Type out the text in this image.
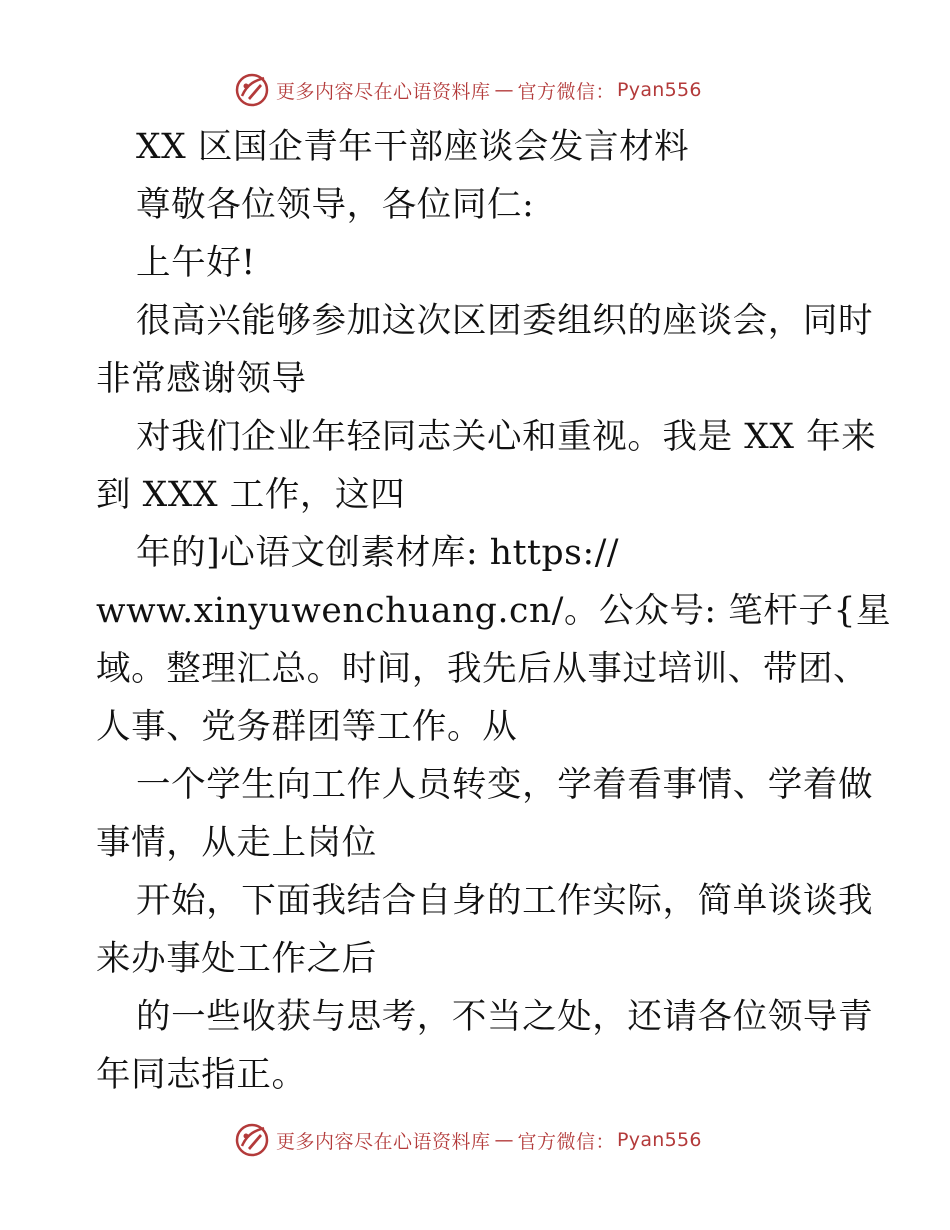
更多内容尽在心语资料库 — 官方微信： Pyan556
XX 区国企青年干部座谈会发言材料
尊敬各位领导，各位同仁:
上午好!
很高兴能够参加这次区团委组织的座谈会，同时
非常感谢领导
对我们企业年轻同志关心和重视。我是 XX 年来
到 XXX 工作，这四
年的]心语文创素材库: https://
www.xinyuwenchuang.cn/。公众号: 笔杆子{星
域。整理汇总。时间，我先后从事过培训、带团、
人事、党务群团等工作。从
一个学生向工作人员转变，学着看事情、学着做
事情，从走上岗位
开始，下面我结合自身的工作实际，简单谈谈我
来办事处工作之后
的一些收获与思考，不当之处，还请各位领导青
年同志指正。
更多内容尽在心语资料库 — 官方微信： Pyan556
